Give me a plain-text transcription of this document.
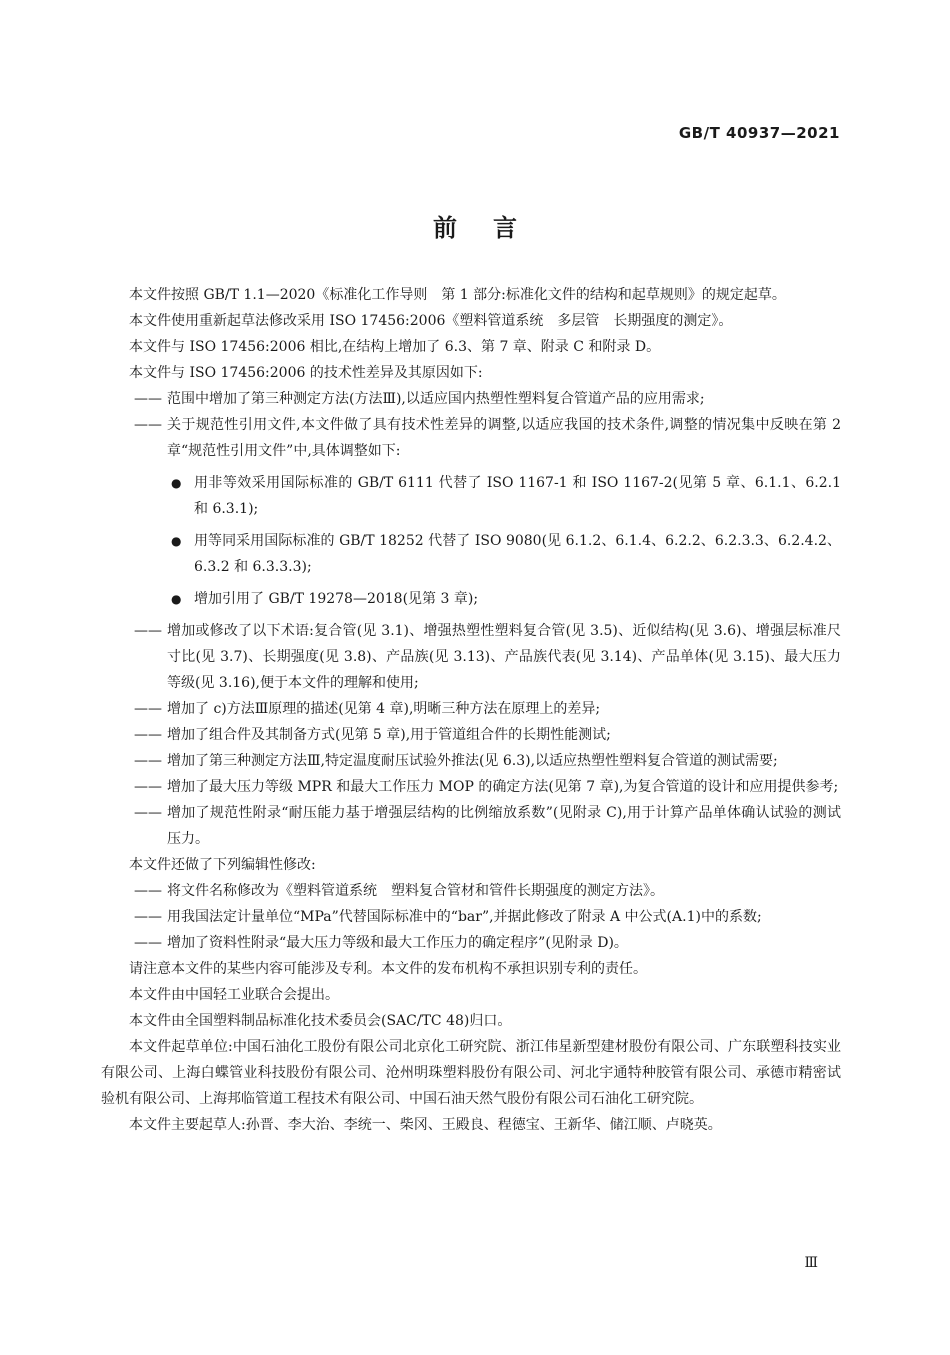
GB/T 40937—2021
前言

本文件按照 GB/T 1.1—2020《标准化工作导则　第 1 部分:标准化文件的结构和起草规则》的规定起草。

本文件使用重新起草法修改采用 ISO 17456:2006《塑料管道系统　多层管　长期强度的测定》。

本文件与 ISO 17456:2006 相比,在结构上增加了 6.3、第 7 章、附录 C 和附录 D。

本文件与 ISO 17456:2006 的技术性差异及其原因如下:

—— 范围中增加了第三种测定方法(方法Ⅲ),以适应国内热塑性塑料复合管道产品的应用需求;

—— 关于规范性引用文件,本文件做了具有技术性差异的调整,以适应我国的技术条件,调整的情况集中反映在第 2 章“规范性引用文件”中,具体调整如下:

● 用非等效采用国际标准的 GB/T 6111 代替了 ISO 1167-1 和 ISO 1167-2(见第 5 章、6.1.1、6.2.1 和 6.3.1);

● 用等同采用国际标准的 GB/T 18252 代替了 ISO 9080(见 6.1.2、6.1.4、6.2.2、6.2.3.3、6.2.4.2、6.3.2 和 6.3.3.3);

● 增加引用了 GB/T 19278—2018(见第 3 章);

—— 增加或修改了以下术语:复合管(见 3.1)、增强热塑性塑料复合管(见 3.5)、近似结构(见 3.6)、增强层标准尺寸比(见 3.7)、长期强度(见 3.8)、产品族(见 3.13)、产品族代表(见 3.14)、产品单体(见 3.15)、最大压力等级(见 3.16),便于本文件的理解和使用;

—— 增加了 c)方法Ⅲ原理的描述(见第 4 章),明晰三种方法在原理上的差异;

—— 增加了组合件及其制备方式(见第 5 章),用于管道组合件的长期性能测试;

—— 增加了第三种测定方法Ⅲ,特定温度耐压试验外推法(见 6.3),以适应热塑性塑料复合管道的测试需要;

—— 增加了最大压力等级 MPR 和最大工作压力 MOP 的确定方法(见第 7 章),为复合管道的设计和应用提供参考;

—— 增加了规范性附录“耐压能力基于增强层结构的比例缩放系数”(见附录 C),用于计算产品单体确认试验的测试压力。

本文件还做了下列编辑性修改:

—— 将文件名称修改为《塑料管道系统　塑料复合管材和管件长期强度的测定方法》。

—— 用我国法定计量单位“MPa”代替国际标准中的“bar”,并据此修改了附录 A 中公式(A.1)中的系数;

—— 增加了资料性附录“最大压力等级和最大工作压力的确定程序”(见附录 D)。

请注意本文件的某些内容可能涉及专利。本文件的发布机构不承担识别专利的责任。

本文件由中国轻工业联合会提出。

本文件由全国塑料制品标准化技术委员会(SAC/TC 48)归口。

本文件起草单位:中国石油化工股份有限公司北京化工研究院、浙江伟星新型建材股份有限公司、广东联塑科技实业有限公司、上海白蝶管业科技股份有限公司、沧州明珠塑料股份有限公司、河北宇通特种胶管有限公司、承德市精密试验机有限公司、上海邦临管道工程技术有限公司、中国石油天然气股份有限公司石油化工研究院。

本文件主要起草人:孙晋、李大治、李统一、柴冈、王殿良、程德宝、王新华、储江顺、卢晓英。

Ⅲ
